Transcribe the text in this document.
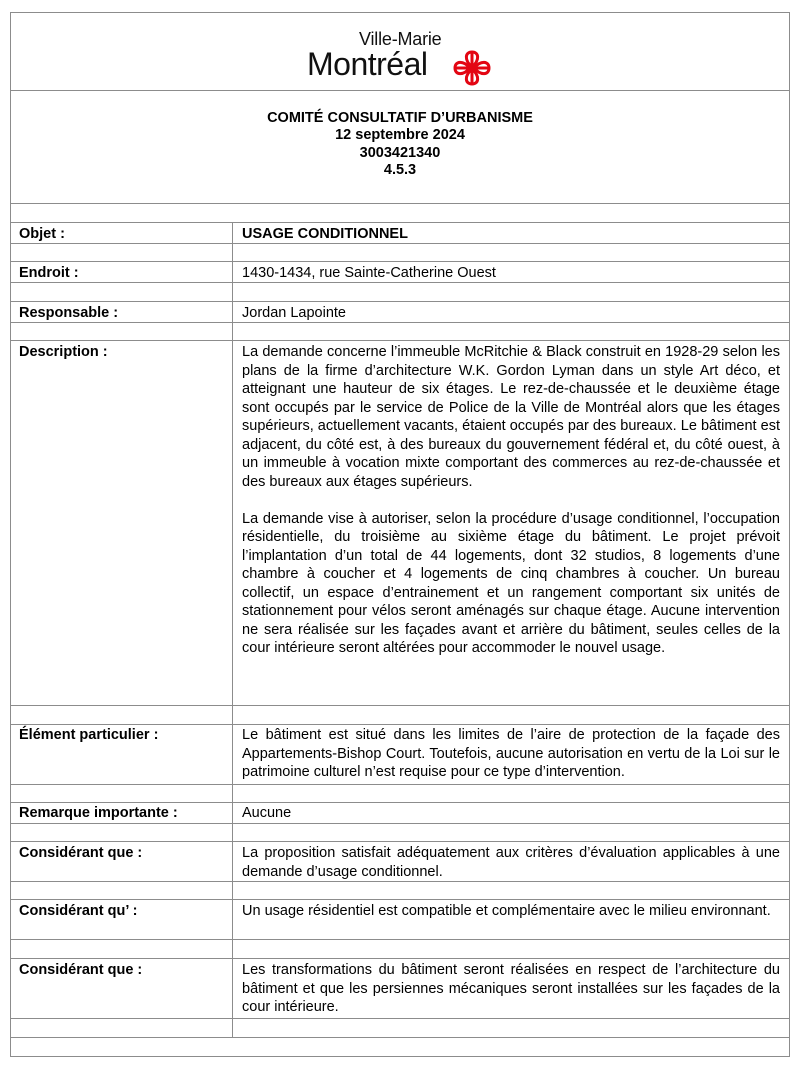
Ville-Marie
Montréal
COMITÉ CONSULTATIF D’URBANISME
12 septembre 2024
3003421340
4.5.3
Objet :	USAGE CONDITIONNEL
Endroit :	1430-1434, rue Sainte-Catherine Ouest
Responsable :	Jordan Lapointe
Description :	La demande concerne l’immeuble McRitchie & Black construit en 1928-29 selon les plans de la firme d’architecture W.K. Gordon Lyman dans un style Art déco, et atteignant une hauteur de six étages. Le rez-de-chaussée et le deuxième étage sont occupés par le service de Police de la Ville de Montréal alors que les étages supérieurs, actuellement vacants, étaient occupés par des bureaux. Le bâtiment est adjacent, du côté est, à des bureaux du gouvernement fédéral et, du côté ouest, à un immeuble à vocation mixte comportant des commerces au rez-de-chaussée et des bureaux aux étages supérieurs.

La demande vise à autoriser, selon la procédure d’usage conditionnel, l’occupation résidentielle, du troisième au sixième étage du bâtiment. Le projet prévoit l’implantation d’un total de 44 logements, dont 32 studios, 8 logements d’une chambre à coucher et 4 logements de cinq chambres à coucher. Un bureau collectif, un espace d’entrainement et un rangement comportant six unités de stationnement pour vélos seront aménagés sur chaque étage. Aucune intervention ne sera réalisée sur les façades avant et arrière du bâtiment, seules celles de la cour intérieure seront altérées pour accommoder le nouvel usage.

Élément particulier :	Le bâtiment est situé dans les limites de l’aire de protection de la façade des Appartements-Bishop Court. Toutefois, aucune autorisation en vertu de la Loi sur le patrimoine culturel n’est requise pour ce type d’intervention.
Remarque importante :	Aucune
Considérant que :	La proposition satisfait adéquatement aux critères d’évaluation applicables à une demande d’usage conditionnel.
Considérant qu’ :	Un usage résidentiel est compatible et complémentaire avec le milieu environnant.
Considérant que :	Les transformations du bâtiment seront réalisées en respect de l’architecture du bâtiment et que les persiennes mécaniques seront installées sur les façades de la cour intérieure.
